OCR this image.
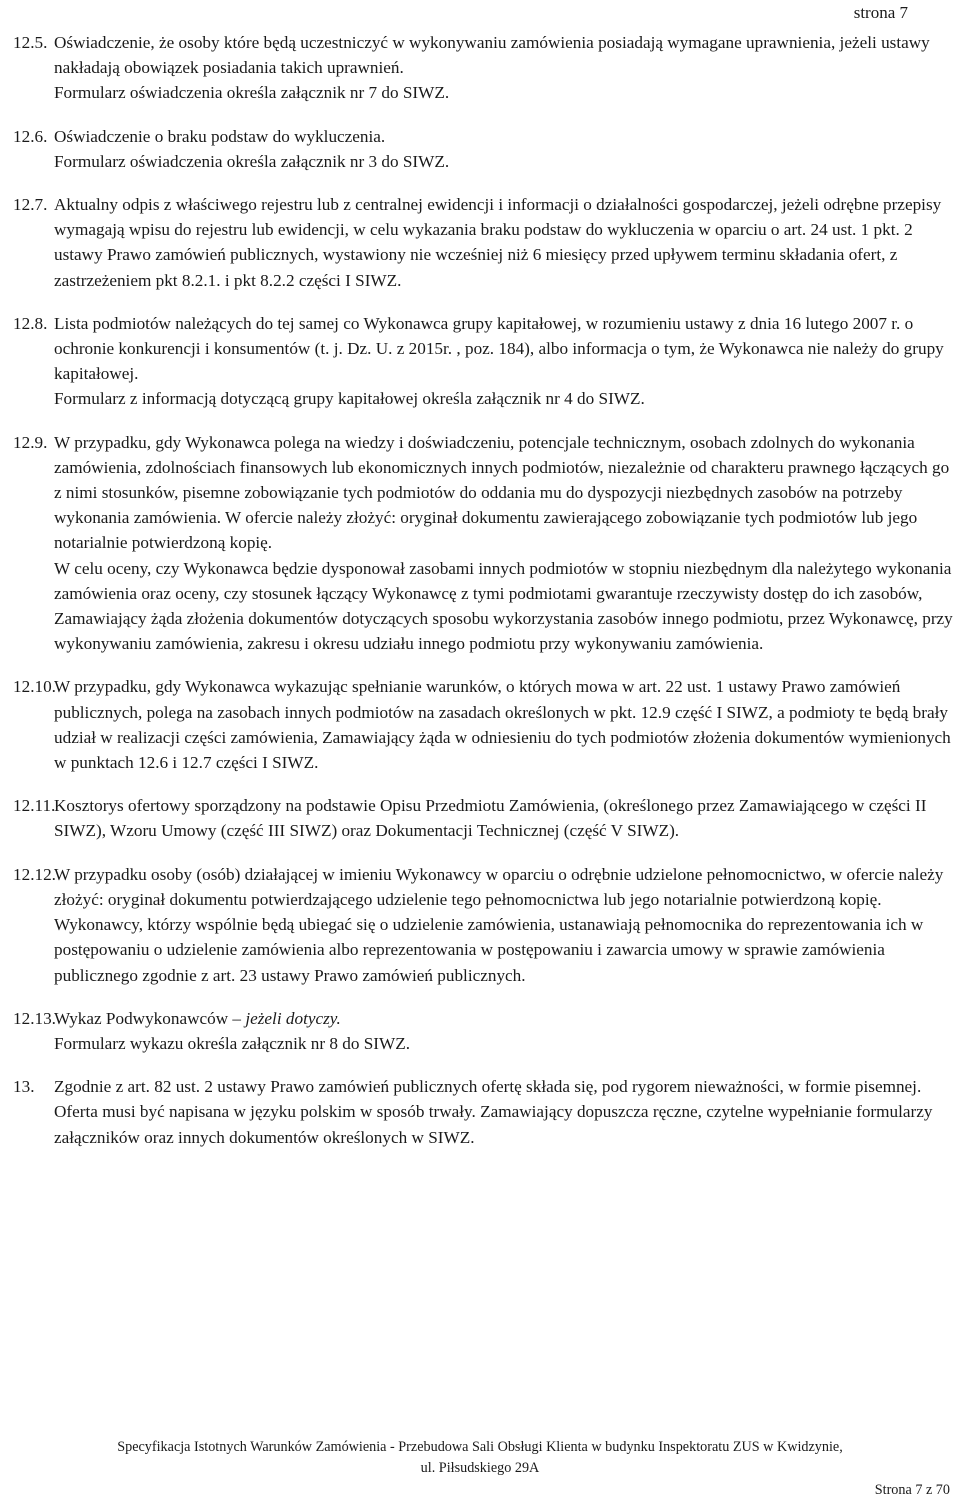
strona 7
12.5. Oświadczenie, że osoby które będą uczestniczyć w wykonywaniu zamówienia posiadają wymagane uprawnienia, jeżeli ustawy nakładają obowiązek posiadania takich uprawnień.
Formularz oświadczenia określa załącznik nr 7 do SIWZ.
12.6. Oświadczenie o braku podstaw do wykluczenia.
Formularz oświadczenia określa załącznik nr 3 do SIWZ.
12.7. Aktualny odpis z właściwego rejestru lub z centralnej ewidencji i informacji o działalności gospodarczej, jeżeli odrębne przepisy wymagają wpisu do rejestru lub ewidencji, w celu wykazania braku podstaw do wykluczenia w oparciu o art. 24 ust. 1 pkt. 2 ustawy Prawo zamówień publicznych, wystawiony nie wcześniej niż 6 miesięcy przed upływem terminu składania ofert, z zastrzeżeniem pkt 8.2.1. i pkt 8.2.2 części I SIWZ.
12.8. Lista podmiotów należących do tej samej co Wykonawca grupy kapitałowej, w rozumieniu ustawy z dnia 16 lutego 2007 r. o ochronie konkurencji i konsumentów (t. j. Dz. U. z 2015r. , poz. 184), albo informacja o tym, że Wykonawca nie należy do grupy kapitałowej.
Formularz z informacją dotyczącą grupy kapitałowej określa załącznik nr 4 do SIWZ.
12.9. W przypadku, gdy Wykonawca polega na wiedzy i doświadczeniu, potencjale technicznym, osobach zdolnych do wykonania zamówienia, zdolnościach finansowych lub ekonomicznych innych podmiotów, niezależnie od charakteru prawnego łączących go z nimi stosunków, pisemne zobowiązanie tych podmiotów do oddania mu do dyspozycji niezbędnych zasobów na potrzeby wykonania zamówienia. W ofercie należy złożyć: oryginał dokumentu zawierającego zobowiązanie tych podmiotów lub jego notarialnie potwierdzoną kopię.
W celu oceny, czy Wykonawca będzie dysponował zasobami innych podmiotów w stopniu niezbędnym dla należytego wykonania zamówienia oraz oceny, czy stosunek łączący Wykonawcę z tymi podmiotami gwarantuje rzeczywisty dostęp do ich zasobów, Zamawiający żąda złożenia dokumentów dotyczących sposobu wykorzystania zasobów innego podmiotu, przez Wykonawcę, przy wykonywaniu zamówienia, zakresu i okresu udziału innego podmiotu przy wykonywaniu zamówienia.
12.10.
W przypadku, gdy Wykonawca wykazując spełnianie warunków, o których mowa w art. 22 ust. 1 ustawy Prawo zamówień publicznych, polega na zasobach innych podmiotów na zasadach określonych w pkt. 12.9 część I SIWZ, a podmioty te będą brały udział w realizacji części zamówienia, Zamawiający żąda w odniesieniu do tych podmiotów złożenia dokumentów wymienionych w punktach 12.6 i 12.7 części I SIWZ.
12.11.
Kosztorys ofertowy sporządzony na podstawie Opisu Przedmiotu Zamówienia, (określonego przez Zamawiającego w części II SIWZ), Wzoru Umowy (część III SIWZ) oraz Dokumentacji Technicznej (część V SIWZ).
12.12.
W przypadku osoby (osób) działającej w imieniu Wykonawcy w oparciu o odrębnie udzielone pełnomocnictwo, w ofercie należy złożyć: oryginał dokumentu potwierdzającego udzielenie tego pełnomocnictwa lub jego notarialnie potwierdzoną kopię. Wykonawcy, którzy wspólnie będą ubiegać się o udzielenie zamówienia, ustanawiają pełnomocnika do reprezentowania ich w postępowaniu o udzielenie zamówienia albo reprezentowania w postępowaniu i zawarcia umowy w sprawie zamówienia publicznego zgodnie z art. 23 ustawy Prawo zamówień publicznych.
12.13.
Wykaz Podwykonawców – jeżeli dotyczy.
Formularz wykazu określa załącznik nr 8 do SIWZ.
13. Zgodnie z art. 82 ust. 2 ustawy Prawo zamówień publicznych ofertę składa się, pod rygorem nieważności, w formie pisemnej. Oferta musi być napisana w języku polskim w sposób trwały. Zamawiający dopuszcza ręczne, czytelne wypełnianie formularzy załączników oraz innych dokumentów określonych w SIWZ.
Specyfikacja Istotnych Warunków Zamówienia - Przebudowa Sali Obsługi Klienta w budynku Inspektoratu ZUS w Kwidzynie,
ul. Piłsudskiego 29A
Strona 7 z 70
